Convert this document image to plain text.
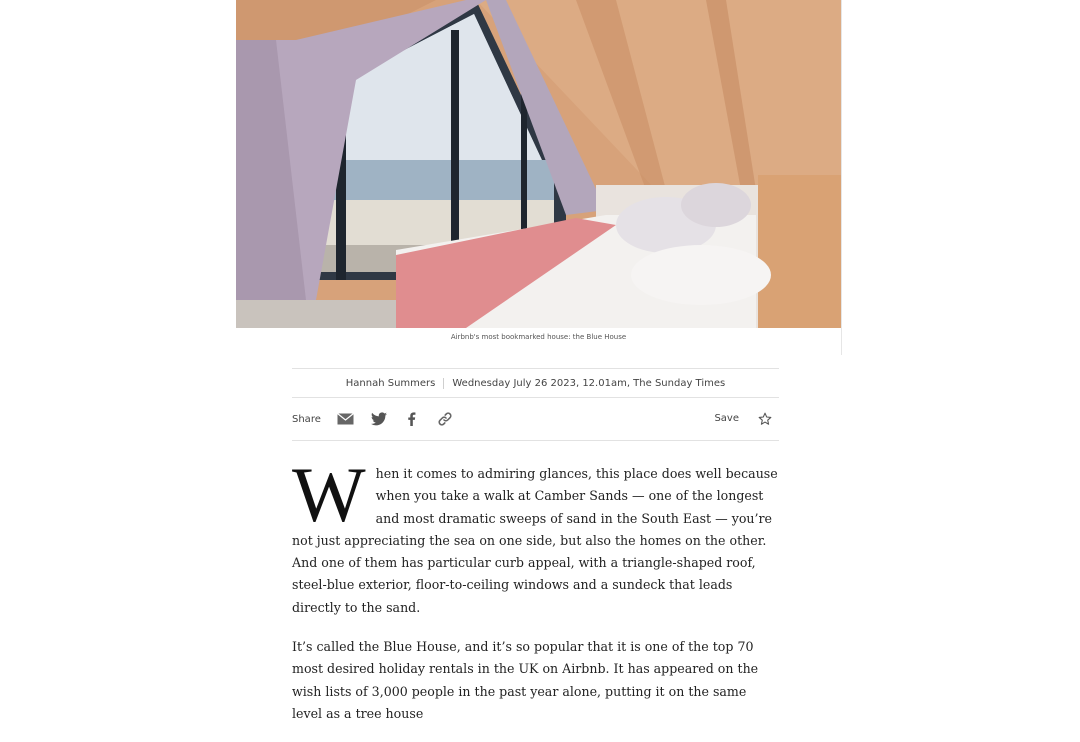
Airbnb's most bookmarked house: the Blue House
Hannah Summers Wednesday July 26 2023, 12.01am, The Sunday Times
Share	Save

When it comes to admiring glances, this place does well because when you take a walk at Camber Sands — one of the longest and most dramatic sweeps of sand in the South East — you’re not just appreciating the sea on one side, but also the homes on the other. And one of them has particular curb appeal, with a triangle-shaped roof, steel-blue exterior, floor-to-ceiling windows and a sundeck that leads directly to the sand.

It’s called the Blue House, and it’s so popular that it is one of the top 70 most desired holiday rentals in the UK on Airbnb. It has appeared on the wish lists of 3,000 people in the past year alone, putting it on the same level as a tree house
